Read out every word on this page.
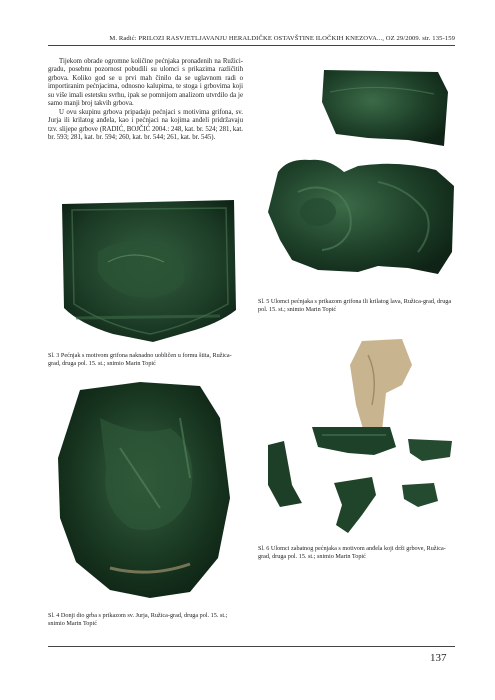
M. Radić: PRILOZI RASVJETLJAVANJU HERALDIČKE OSTAVŠTINE ILOČKIH KNEZOVA..., OZ 29/2009. str. 135-159

Tijekom obrade ogromne količine pećnjaka pronađenih na Ružici-gradu, posebnu pozornost pobudili su ulomci s prikazima različitih grbova. Koliko god se u prvi mah činilo da se uglavnom radi o importiranim pećnjacima, odnosno kalupima, te stoga i grbovima koji su više imali estetsku svrhu, ipak se pomnijom analizom utvrdilo da je samo manji broj takvih grbova.

U ovu skupinu grbova pripadaju pećnjaci s motivima grifona, sv. Jurja ili krilatog anđela, kao i pećnjaci na kojima anđeli pridržavaju tzv. slijepe grbove (RADIĆ, BOJČIĆ 2004.: 248, kat. br. 524; 281, kat. br. 593; 281, kat. br. 594; 260, kat. br. 544; 261, kat. br. 545).

Sl. 5 Ulomci pećnjaka s prikazom grifona ili krilatog lava, Ružica-grad, druga pol. 15. st.; snimio Marin Topić
Sl. 3 Pećnjak s motivom grifona naknadno uobličen u formu štita, Ružica-grad, druga pol. 15. st.; snimio Marin Topić
Sl. 6 Ulomci zabatnog pećnjaka s motivom anđela koji drži grbove, Ružica-grad, druga pol. 15. st.; snimio Marin Topić
Sl. 4 Donji dio grba s prikazom sv. Jurja, Ružica-grad, druga pol. 15. st.; snimio Marin Topić
137
